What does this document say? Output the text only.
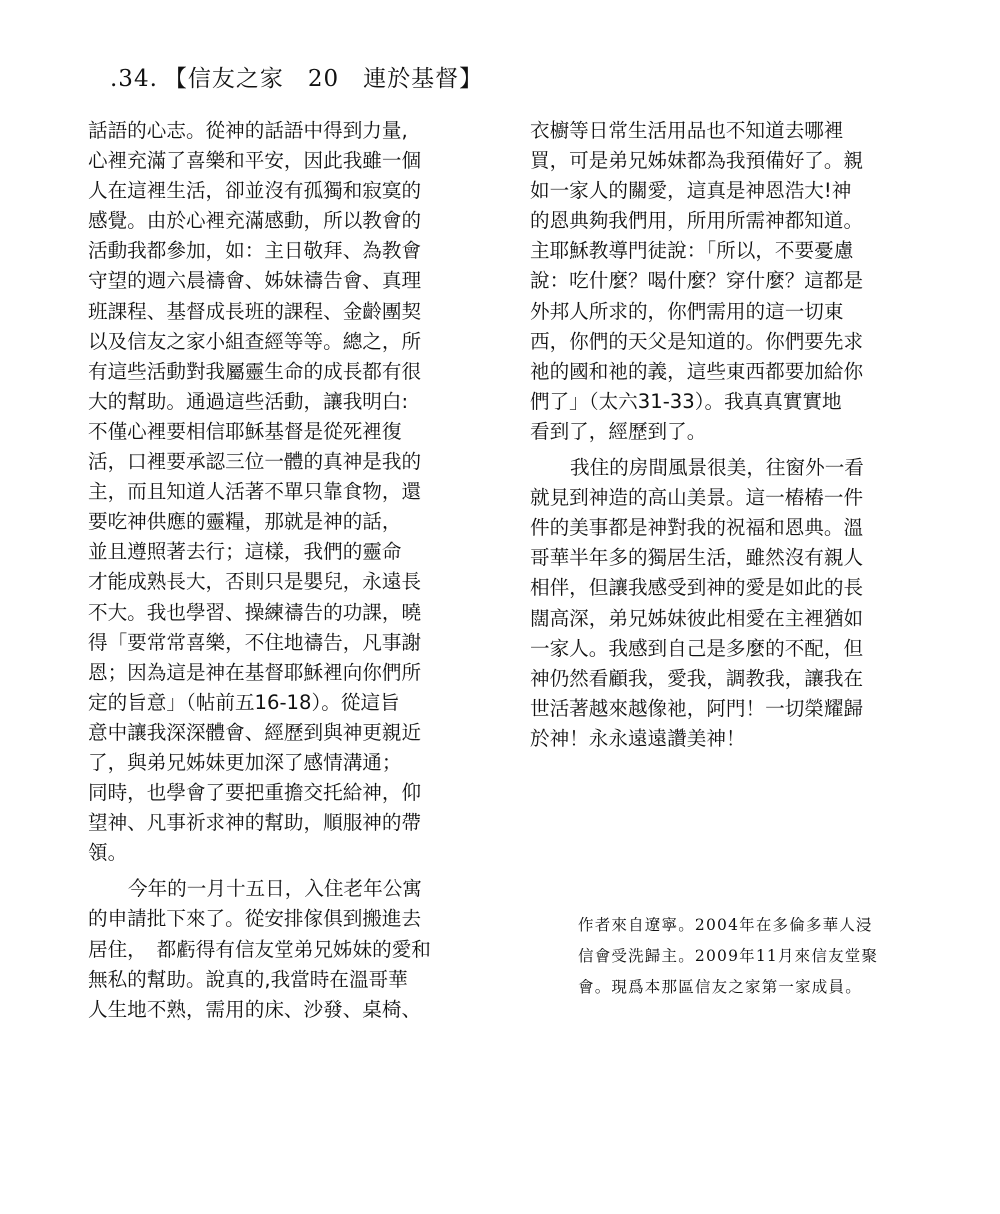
.34. 【信友之家　20　連於基督】
話語的心志。從神的話語中得到力量,
心裡充滿了喜樂和平安，因此我雖一個
人在這裡生活，卻並沒有孤獨和寂寞的
感覺。由於心裡充滿感動，所以教會的
活動我都參加，如：主日敬拜、為教會
守望的週六晨禱會、姊妹禱告會、真理
班課程、基督成長班的課程、金齡團契
以及信友之家小組查經等等。總之，所
有這些活動對我屬靈生命的成長都有很
大的幫助。通過這些活動，讓我明白:
不僅心裡要相信耶穌基督是從死裡復
活，口裡要承認三位一體的真神是我的
主，而且知道人活著不單只靠食物，還
要吃神供應的靈糧，那就是神的話，
並且遵照著去行；這樣，我們的靈命
才能成熟長大，否則只是嬰兒，永遠長
不大。我也學習、操練禱告的功課，曉
得「要常常喜樂，不住地禱告，凡事謝
恩；因為這是神在基督耶穌裡向你們所
定的旨意」（帖前五16-18）。從這旨
意中讓我深深體會、經歷到與神更親近
了，與弟兄姊妹更加深了感情溝通；
同時，也學會了要把重擔交托給神，仰
望神、凡事祈求神的幫助，順服神的帶
領。
今年的一月十五日，入住老年公寓
的申請批下來了。從安排傢俱到搬進去
居住，　都虧得有信友堂弟兄姊妹的愛和
無私的幫助。說真的,我當時在溫哥華
人生地不熟，需用的床、沙發、桌椅、
衣櫥等日常生活用品也不知道去哪裡
買，可是弟兄姊妹都為我預備好了。親
如一家人的關愛，這真是神恩浩大!神
的恩典夠我們用，所用所需神都知道。
主耶穌教導門徒說：「所以，不要憂慮
說：吃什麼？喝什麼？穿什麼？這都是
外邦人所求的，你們需用的這一切東
西，你們的天父是知道的。你們要先求
祂的國和祂的義，這些東西都要加給你
們了」（太六31-33）。我真真實實地
看到了，經歷到了。
我住的房間風景很美，往窗外一看
就見到神造的高山美景。這一樁樁一件
件的美事都是神對我的祝福和恩典。溫
哥華半年多的獨居生活，雖然沒有親人
相伴，但讓我感受到神的愛是如此的長
闊高深，弟兄姊妹彼此相愛在主裡猶如
一家人。我感到自己是多麼的不配，但
神仍然看顧我，愛我，調教我，讓我在
世活著越來越像祂，阿門！一切榮耀歸
於神！永永遠遠讚美神！
作者來自遼寧。2004年在多倫多華人浸
信會受洗歸主。2009年11月來信友堂聚
會。現爲本那區信友之家第一家成員。
